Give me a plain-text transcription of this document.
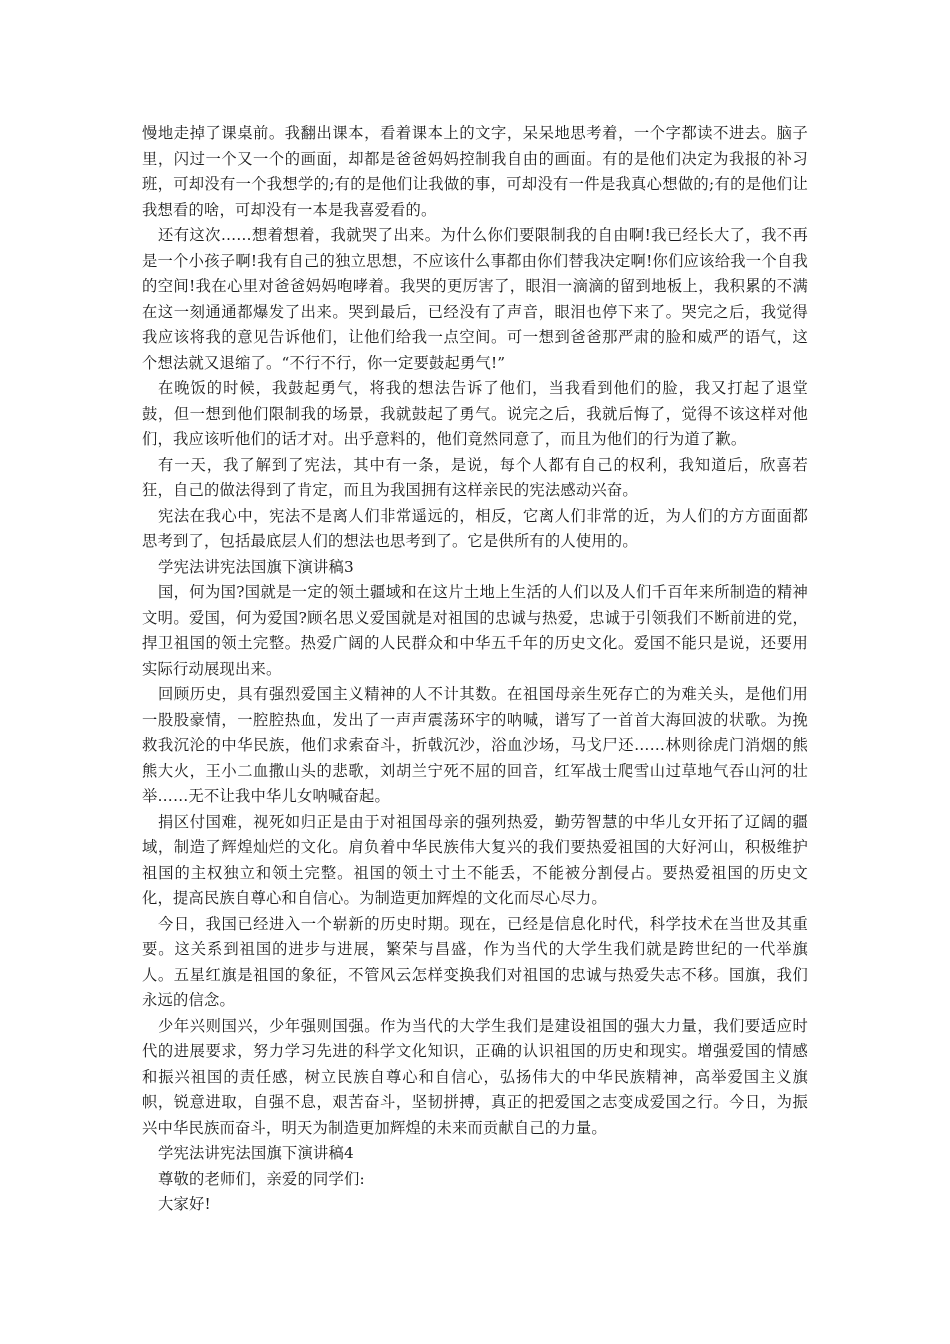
慢地走掉了课桌前。我翻出课本，看着课本上的文字，呆呆地思考着，一个字都读不进去。脑子里，闪过一个又一个的画面，却都是爸爸妈妈控制我自由的画面。有的是他们决定为我报的补习班，可却没有一个我想学的;有的是他们让我做的事，可却没有一件是我真心想做的;有的是他们让我想看的啥，可却没有一本是我喜爱看的。

还有这次……想着想着，我就哭了出来。为什么你们要限制我的自由啊!我已经长大了，我不再是一个小孩子啊!我有自己的独立思想，不应该什么事都由你们替我决定啊!你们应该给我一个自我的空间!我在心里对爸爸妈妈咆哮着。我哭的更厉害了，眼泪一滴滴的留到地板上，我积累的不满在这一刻通通都爆发了出来。哭到最后，已经没有了声音，眼泪也停下来了。哭完之后，我觉得我应该将我的意见告诉他们，让他们给我一点空间。可一想到爸爸那严肃的脸和威严的语气，这个想法就又退缩了。“不行不行，你一定要鼓起勇气!”

在晚饭的时候，我鼓起勇气，将我的想法告诉了他们，当我看到他们的脸，我又打起了退堂鼓，但一想到他们限制我的场景，我就鼓起了勇气。说完之后，我就后悔了，觉得不该这样对他们，我应该听他们的话才对。出乎意料的，他们竟然同意了，而且为他们的行为道了歉。

有一天，我了解到了宪法，其中有一条，是说，每个人都有自己的权利，我知道后，欣喜若狂，自己的做法得到了肯定，而且为我国拥有这样亲民的宪法感动兴奋。

宪法在我心中，宪法不是离人们非常遥远的，相反，它离人们非常的近，为人们的方方面面都思考到了，包括最底层人们的想法也思考到了。它是供所有的人使用的。

学宪法讲宪法国旗下演讲稿3

国，何为国?国就是一定的领土疆域和在这片土地上生活的人们以及人们千百年来所制造的精神文明。爱国，何为爱国?顾名思义爱国就是对祖国的忠诚与热爱，忠诚于引领我们不断前进的党，捍卫祖国的领土完整。热爱广阔的人民群众和中华五千年的历史文化。爱国不能只是说，还要用实际行动展现出来。

回顾历史，具有强烈爱国主义精神的人不计其数。在祖国母亲生死存亡的为难关头，是他们用一股股豪情，一腔腔热血，发出了一声声震荡环宇的呐喊，谱写了一首首大海回波的状歌。为挽救我沉沦的中华民族，他们求索奋斗，折戟沉沙，浴血沙场，马戈尸还……林则徐虎门消烟的熊熊大火，王小二血撒山头的悲歌，刘胡兰宁死不屈的回音，红军战士爬雪山过草地气吞山河的壮举……无不让我中华儿女呐喊奋起。

捐区付国难，视死如归正是由于对祖国母亲的强列热爱，勤劳智慧的中华儿女开拓了辽阔的疆域，制造了辉煌灿烂的文化。肩负着中华民族伟大复兴的我们要热爱祖国的大好河山，积极维护祖国的主权独立和领土完整。祖国的领土寸土不能丢，不能被分割侵占。要热爱祖国的历史文化，提高民族自尊心和自信心。为制造更加辉煌的文化而尽心尽力。

今日，我国已经进入一个崭新的历史时期。现在，已经是信息化时代，科学技术在当世及其重要。这关系到祖国的进步与进展，繁荣与昌盛，作为当代的大学生我们就是跨世纪的一代举旗人。五星红旗是祖国的象征，不管风云怎样变换我们对祖国的忠诚与热爱失志不移。国旗，我们永远的信念。

少年兴则国兴，少年强则国强。作为当代的大学生我们是建设祖国的强大力量，我们要适应时代的进展要求，努力学习先进的科学文化知识，正确的认识祖国的历史和现实。增强爱国的情感和振兴祖国的责任感，树立民族自尊心和自信心，弘扬伟大的中华民族精神，高举爱国主义旗帜，锐意进取，自强不息，艰苦奋斗，坚韧拼搏，真正的把爱国之志变成爱国之行。今日，为振兴中华民族而奋斗，明天为制造更加辉煌的未来而贡献自己的力量。

学宪法讲宪法国旗下演讲稿4

尊敬的老师们，亲爱的同学们:

大家好!
